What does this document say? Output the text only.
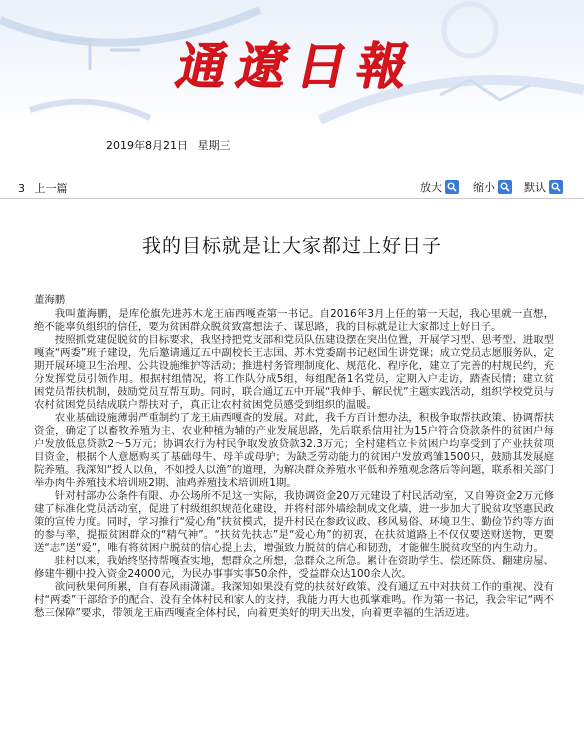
通遼日報
2019年8月21日 星期三
3 上一篇	放大	缩小	默认
我的目标就是让大家都过上好日子
董海鹏

我叫董海鹏，是库伦旗先进苏木龙王庙西嘎查第一书记。自2016年3月上任的第一天起，我心里就一直想，绝不能辜负组织的信任，要为贫困群众脱贫致富想法子、谋思路，我的目标就是让大家都过上好日子。

按照抓党建促脱贫的目标要求，我坚持把党支部和党员队伍建设摆在突出位置，开展学习型、思考型、进取型嘎查“两委”班子建设，先后邀请通辽五中副校长王志国、苏木党委副书记赵国生讲党课；成立党员志愿服务队，定期开展环境卫生治理、公共设施维护等活动；推进村务管理制度化、规范化、程序化，建立了完善的村规民约，充分发挥党员引领作用。根据村组情况，将工作队分成5组，每组配备1名党员，定期入户走访，踏查民情；建立贫困党员帮扶机制，鼓励党员互帮互助。同时，联合通辽五中开展“我伸手、解民忧”主题实践活动，组织学校党员与农村贫困党员结成联户帮扶对子，真正让农村贫困党员感受到组织的温暖。

农业基础设施薄弱严重制约了龙王庙西嘎查的发展。对此，我千方百计想办法，积极争取帮扶政策、协调帮扶资金，确定了以畜牧养殖为主、农业种植为辅的产业发展思路，先后联系信用社为15户符合贷款条件的贫困户每户发放低息贷款2～5万元；协调农行为村民争取发放贷款32.3万元；全村建档立卡贫困户均享受到了产业扶贫项目资金，根据个人意愿购买了基础母牛、母羊或母驴；为缺乏劳动能力的贫困户发放鸡雏1500只，鼓励其发展庭院养殖。我深知“授人以鱼，不如授人以渔”的道理，为解决群众养殖水平低和养殖观念落后等问题，联系相关部门举办肉牛养殖技术培训班2期、油鸡养殖技术培训班1期。

针对村部办公条件有限、办公场所不足这一实际，我协调资金20万元建设了村民活动室，又自筹资金2万元修建了标准化党员活动室，促进了村级组织规范化建设，并将村部外墙绘制成文化墙，进一步加大了脱贫攻坚惠民政策的宣传力度。同时，学习推行“爱心角”扶贫模式，提升村民在参政议政、移风易俗、环境卫生、勤俭节约等方面的参与率，提振贫困群众的“精气神”。“扶贫先扶志”是“爱心角”的初衷，在扶贫道路上不仅仅要送财送物，更要送“志”送“爱”，唯有将贫困户脱贫的信心提上去，增强致力脱贫的信心和韧劲，才能催生脱贫攻坚的内生动力。

驻村以来，我始终坚持帮嘎查实地，想群众之所想，急群众之所急。累计在资助学生、偿还陈贷、翻建房屋、修建牛棚中投入资金24000元，为民办事事实事50余件，受益群众达100余人次。

欲问秋果何所累，自有春风雨潇潇。我深知如果没有党的扶贫好政策、没有通辽五中对扶贫工作的重视、没有村“两委”干部给予的配合、没有全体村民和家人的支持，我能力再大也孤掌难鸣。作为第一书记，我会牢记“两不愁三保障”要求，带领龙王庙西嘎查全体村民，向着更美好的明天出发，向着更幸福的生活迈进。
